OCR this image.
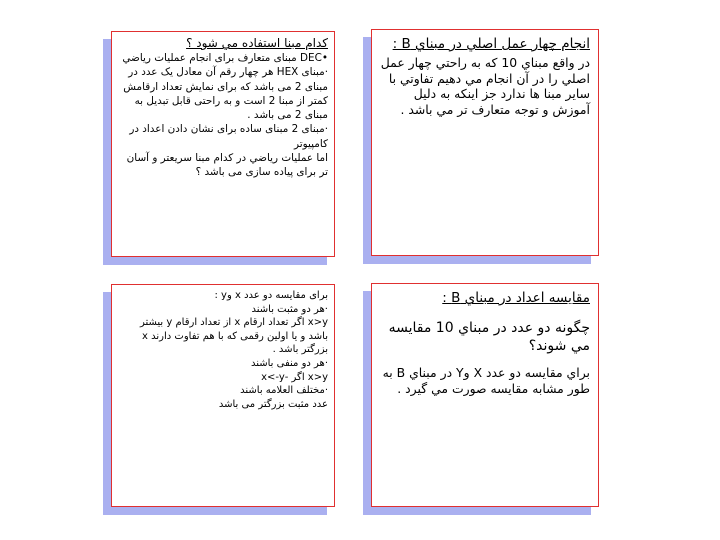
كدام مبنا استفاده مي شود ؟

•DEC مبنای متعارف برای انجام عملیات رياضي

·مبنای HEX هر چهار رقم آن معادل یک عدد در مبنای 2 می باشد که برای نمایش تعداد ارقامش کمتر از مبنا 2 است و به راحتی قابل تبدیل به مبنای 2 می باشد .

·مبنای 2 مبنای ساده برای نشان دادن اعداد در کامپیوتر

اما عملیات رياضي در کدام مبنا سریعتر و آسان تر برای پیاده سازی می باشد ؟

انجام چهار عمل اصلي در مبناي B :

در واقع مبناي 10 كه به راحتي چهار عمل اصلي را در آن انجام مي دهيم تفاوتي با ساير مبنا ها ندارد جز اينكه به دليل آموزش و توجه متعارف تر مي باشد .

برای مقایسه دو عدد x وy :

·هر دو مثبت باشند

x>y اگر تعداد ارقام x از تعداد ارقام y بیشتر باشد و یا اولین رقمی که با هم تفاوت دارند x بزرگتر باشد .

·هر دو منفی باشند

x>y اگر -x<-y

·مختلف العلامه باشند

عدد مثبت بزرگتر می باشد

مقايسه اعداد در مبناي B :

چگونه دو عدد در مبناي 10 مقايسه مي شوند؟

براي مقايسه دو عدد X وY در مبناي B به طور مشابه مقايسه صورت مي گيرد .
